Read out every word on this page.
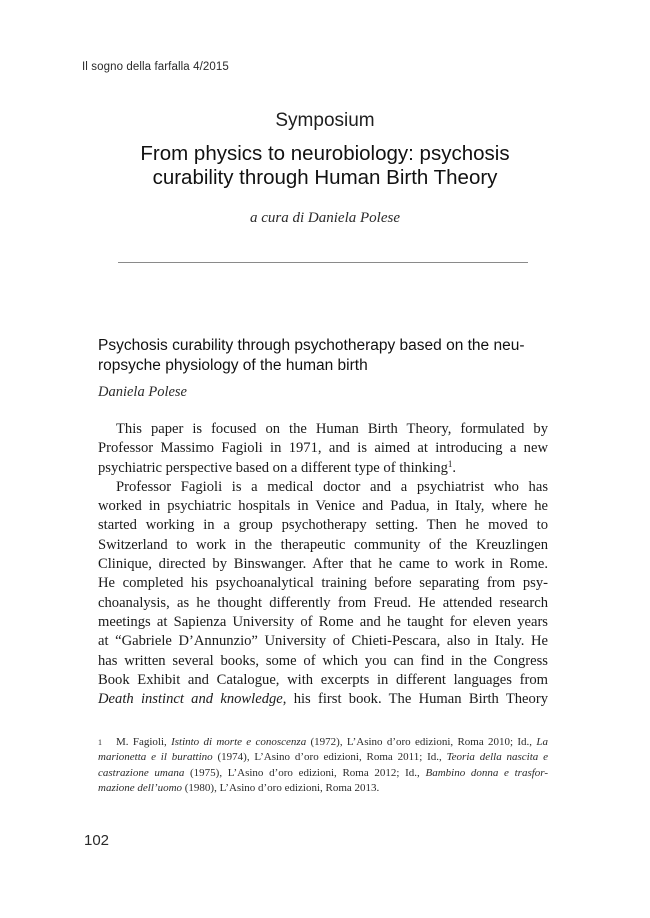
Il sogno della farfalla 4/2015
Symposium
From physics to neurobiology: psychosis
curability through Human Birth Theory
a cura di Daniela Polese
Psychosis curability through psychotherapy based on the neu-
ropsyche physiology of the human birth
Daniela Polese
This paper is focused on the Human Birth Theory, formulated by
Professor Massimo Fagioli in 1971, and is aimed at introducing a new
psychiatric perspective based on a different type of thinking$^1$.
Professor Fagioli is a medical doctor and a psychiatrist who has
worked in psychiatric hospitals in Venice and Padua, in Italy, where he
started working in a group psychotherapy setting. Then he moved to
Switzerland to work in the therapeutic community of the Kreuzlingen
Clinique, directed by Binswanger. After that he came to work in Rome.
He completed his psychoanalytical training before separating from psy-
choanalysis, as he thought differently from Freud. He attended research
meetings at Sapienza University of Rome and he taught for eleven years
at “Gabriele D’Annunzio” University of Chieti-Pescara, also in Italy. He
has written several books, some of which you can find in the Congress
Book Exhibit and Catalogue, with excerpts in different languages from
Death instinct and knowledge, his first book. The Human Birth Theory
$^1$ M. Fagioli, Istinto di morte e conoscenza (1972), L’Asino d’oro edizioni, Roma 2010; Id., La
marionetta e il burattino (1974), L’Asino d’oro edizioni, Roma 2011; Id., Teoria della nascita e
castrazione umana (1975), L’Asino d’oro edizioni, Roma 2012; Id., Bambino donna e trasfor-
mazione dell’uomo (1980), L’Asino d’oro edizioni, Roma 2013.
102
